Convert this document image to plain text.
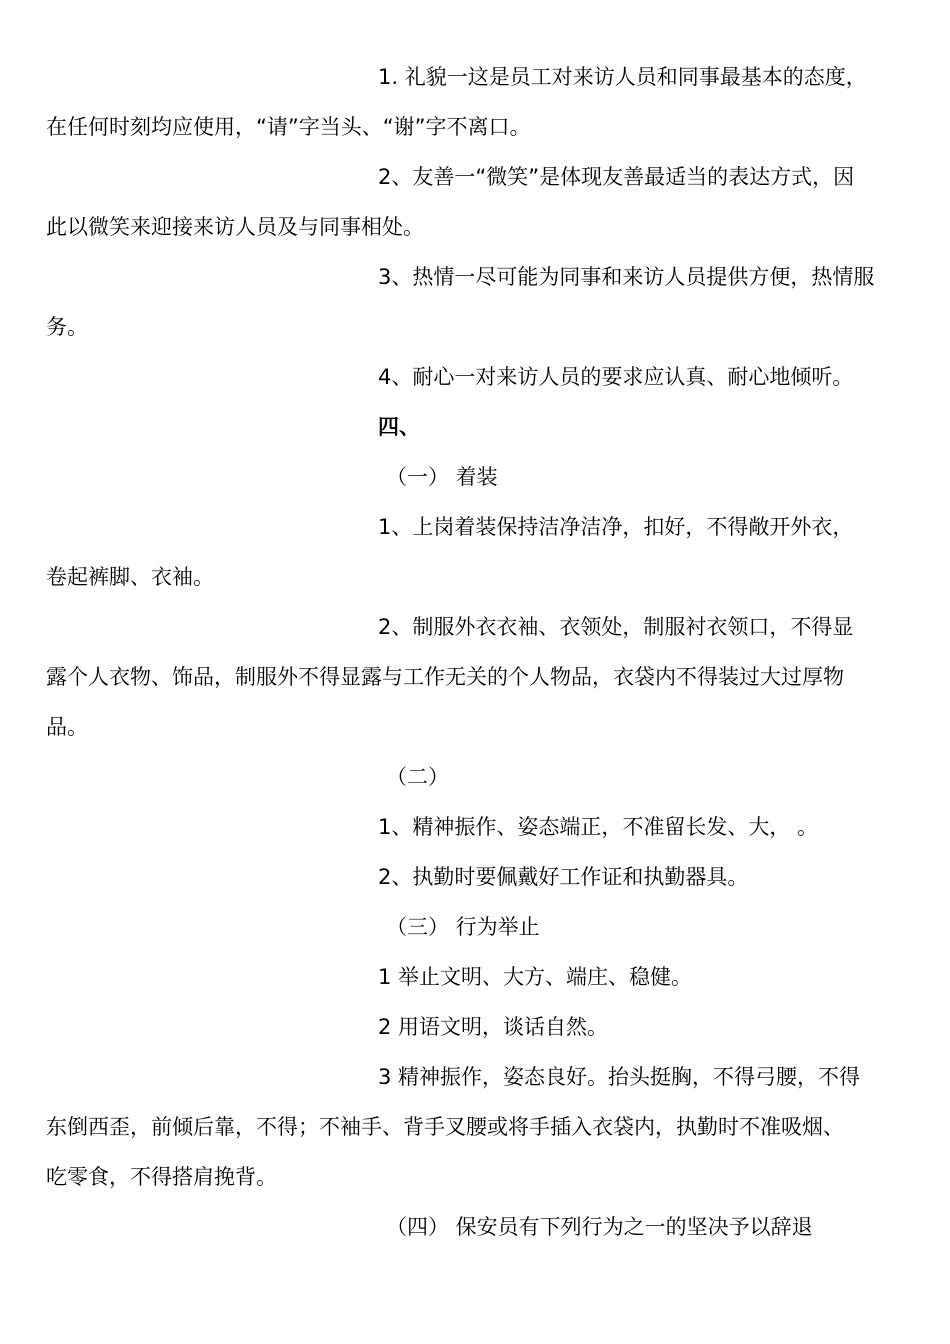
1. 礼貌一这是员工对来访人员和同事最基本的态度，

在任何时刻均应使用，“请”字当头、“谢”字不离口。

2、友善一“微笑”是体现友善最适当的表达方式，因

此以微笑来迎接来访人员及与同事相处。

3、热情一尽可能为同事和来访人员提供方便，热情服

务。

4、耐心一对来访人员的要求应认真、耐心地倾听。

四、

（一） 着装

1、上岗着装保持洁净洁净，扣好，不得敞开外衣，

卷起裤脚、衣袖。

2、制服外衣衣袖、衣领处，制服衬衣领口，不得显

露个人衣物、饰品，制服外不得显露与工作无关的个人物品，衣袋内不得装过大过厚物

品。

（二）

1、精神振作、姿态端正，不准留长发、大， 。

2、执勤时要佩戴好工作证和执勤器具。

（三） 行为举止

1 举止文明、大方、端庄、稳健。

2 用语文明，谈话自然。

3 精神振作，姿态良好。抬头挺胸，不得弓腰，不得

东倒西歪，前倾后靠，不得；不袖手、背手叉腰或将手插入衣袋内，执勤时不准吸烟、

吃零食，不得搭肩挽背。

（四） 保安员有下列行为之一的坚决予以辞退
